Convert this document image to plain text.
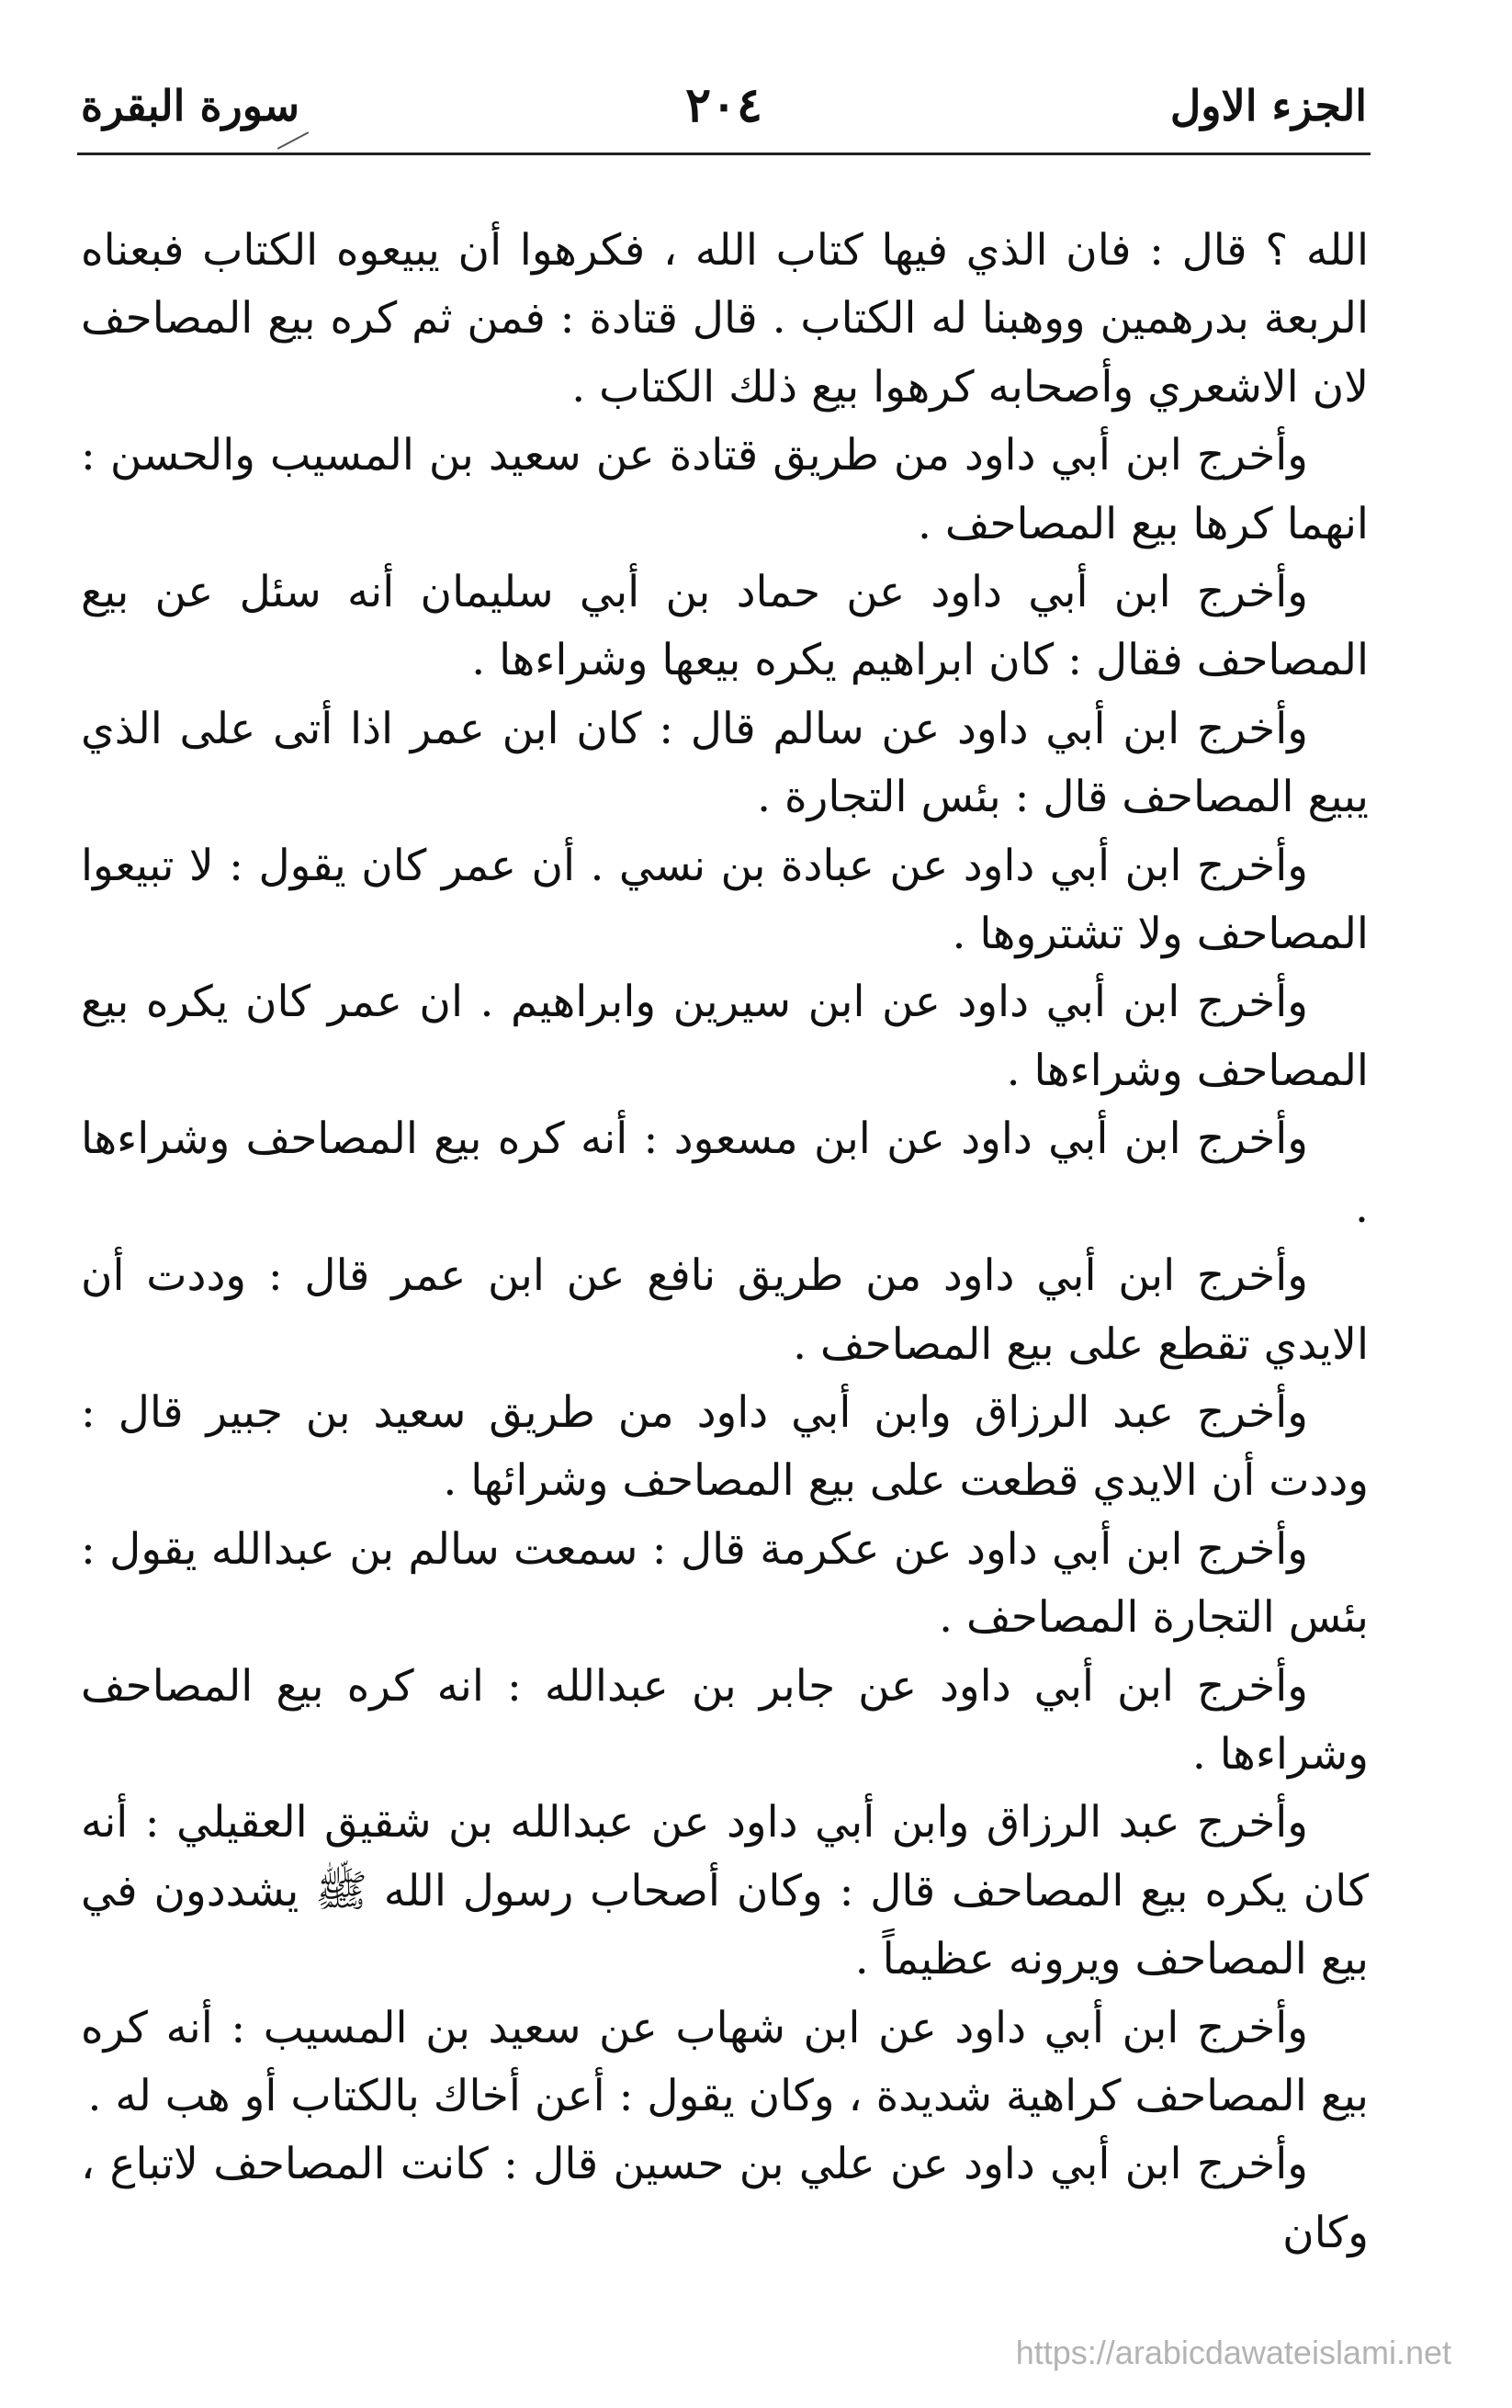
الجزء الاول
٢٠٤
سورة البقرة

الله ؟ قال : فان الذي فيها كتاب الله ، فكرهوا أن يبيعوه الكتاب فبعناه الربعة بدرهمين ووهبنا له الكتاب . قال قتادة : فمن ثم كره بيع المصاحف لان الاشعري وأصحابه كرهوا بيع ذلك الكتاب .

وأخرج ابن أبي داود من طريق قتادة عن سعيد بن المسيب والحسن : انهما كرها بيع المصاحف .

وأخرج ابن أبي داود عن حماد بن أبي سليمان أنه سئل عن بيع المصاحف فقال : كان ابراهيم يكره بيعها وشراءها .

وأخرج ابن أبي داود عن سالم قال : كان ابن عمر اذا أتى على الذي يبيع المصاحف قال : بئس التجارة .

وأخرج ابن أبي داود عن عبادة بن نسي . أن عمر كان يقول : لا تبيعوا المصاحف ولا تشتروها .

وأخرج ابن أبي داود عن ابن سيرين وابراهيم . ان عمر كان يكره بيع المصاحف وشراءها .

وأخرج ابن أبي داود عن ابن مسعود : أنه كره بيع المصاحف وشراءها .

وأخرج ابن أبي داود من طريق نافع عن ابن عمر قال : وددت أن الايدي تقطع على بيع المصاحف .

وأخرج عبد الرزاق وابن أبي داود من طريق سعيد بن جبير قال : وددت أن الايدي قطعت على بيع المصاحف وشرائها .

وأخرج ابن أبي داود عن عكرمة قال : سمعت سالم بن عبدالله يقول : بئس التجارة المصاحف .

وأخرج ابن أبي داود عن جابر بن عبدالله : انه كره بيع المصاحف وشراءها .

وأخرج عبد الرزاق وابن أبي داود عن عبدالله بن شقيق العقيلي : أنه كان يكره بيع المصاحف قال : وكان أصحاب رسول الله ﷺ يشددون في بيع المصاحف ويرونه عظيماً .

وأخرج ابن أبي داود عن ابن شهاب عن سعيد بن المسيب : أنه كره بيع المصاحف كراهية شديدة ، وكان يقول : أعن أخاك بالكتاب أو هب له .

وأخرج ابن أبي داود عن علي بن حسين قال : كانت المصاحف لاتباع ، وكان

https://arabicdawateislami.net
